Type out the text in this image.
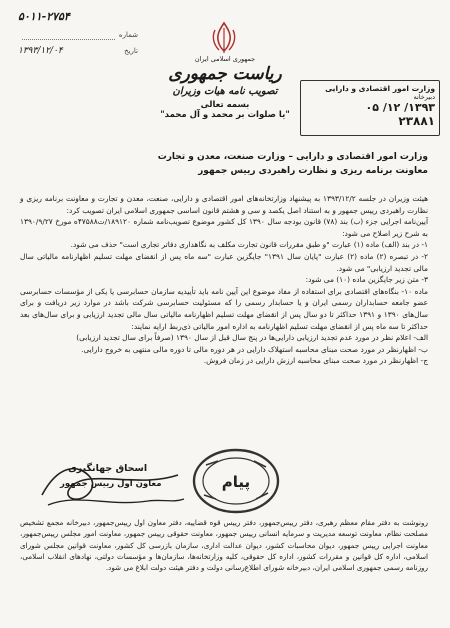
۵۰۱۱-۲۷۵۴
شماره
۱۳۹۳/۱۲/۰۴	تاریخ
جمهوری اسلامی ایران
ریاست جمهوری
تصویب نامه هیات وزیران
بسمه تعالی
"یا صلوات بر محمد و آل محمد"
وزارت امور اقتصادی و دارایی
دبیرخانه
۱۳۹۳/ ۱۲/ ۰۵
۲۳۸۸۱
وزارت امور اقتصادی و دارایی – وزارت صنعت، معدن و تجارت
معاونت برنامه ریزی و نظارت راهبردی رییس جمهور

هیئت وزیران در جلسه ۱۳۹۳/۱۲/۲ به پیشنهاد وزارتخانه‌های امور اقتصادی و دارایی، صنعت، معدن و تجارت و معاونت برنامه ریزی و نظارت راهبردی رییس جمهور و به استناد اصل یکصد و سی و هشتم قانون اساسی جمهوری اسلامی ایران تصویب کرد:

آیین‌نامه اجرایی جزء (ب) بند (۷۸) قانون بودجه سال ۱۳۹۰ کل کشور موضوع تصویب‌نامه شماره ۱۸۹۱۲۰/ت۴۷۵۸۸ه مورخ ۱۳۹۰/۹/۲۷ به شرح زیر اصلاح می شود:

۱- در بند (الف) ماده (۱) عبارت "و طبق مقررات قانون تجارت مکلف به نگاهداری دفاتر تجاری است" حذف می شود.

۲- در تبصره (۲) ماده (۲) عبارت "پایان سال ۱۳۹۱" جایگزین عبارت "سه ماه پس از انقضای مهلت تسلیم اظهارنامه مالیاتی سال مالی تجدید ارزیابی" می شود.

۳- متن زیر جایگزین ماده (۱۰) می شود:

ماده ۱۰- بنگاه‌های اقتصادی برای استفاده از مفاد موضوع این آیین نامه باید تأییدیه سازمان حسابرسی یا یکی از مؤسسات حسابرسی عضو جامعه حسابداران رسمی ایران و یا حسابدار رسمی را که مسئولیت حسابرسی شرکت باشد در موارد زیر دریافت و برای سال‌های ۱۳۹۰ و ۱۳۹۱ حداکثر تا دو سال پس از انقضای مهلت تسلیم اظهارنامه مالیاتی سال مالی تجدید ارزیابی و برای سال‌های بعد حداکثر تا سه ماه پس از انقضای مهلت تسلیم اظهارنامه به اداره امور مالیاتی ذی‌ربط ارایه نمایند:

الف- اعلام نظر در مورد عدم تجدید ارزیابی دارایی‌ها در پنج سال قبل از سال ۱۳۹۰ (صرفاً برای سال تجدید ارزیابی)

ب- اظهارنظر در مورد صحت مبنای محاسبه استهلاک دارایی در هر دوره مالی تا دوره مالی منتهی به خروج دارایی.

ج- اظهارنظر در مورد صحت مبنای محاسبه ارزش دارایی در زمان فروش.

اسحاق جهانگیری
معاون اول رییس جمهور	پیام
رونوشت به دفتر مقام معظم رهبری، دفتر رییس‌جمهور، دفتر رییس قوه قضاییه، دفتر معاون اول رییس‌جمهور، دبیرخانه مجمع تشخیص مصلحت نظام، معاونت توسعه مدیریت و سرمایه انسانی رییس جمهور، معاونت حقوقی رییس جمهور، معاونت امور مجلس رییس‌جمهور، معاونت اجرایی رییس جمهور، دیوان محاسبات کشور، دیوان عدالت اداری، سازمان بازرسی کل کشور، معاونت قوانین مجلس شورای اسلامی، اداره کل قوانین و مقررات کشور، اداره کل حقوقی، کلیه وزارتخانه‌ها، سازمان‌ها و مؤسسات دولتی، نهادهای انقلاب اسلامی، روزنامه رسمی جمهوری اسلامی ایران، دبیرخانه شورای اطلاع‌رسانی دولت و دفتر هیئت دولت ابلاغ می شود.
